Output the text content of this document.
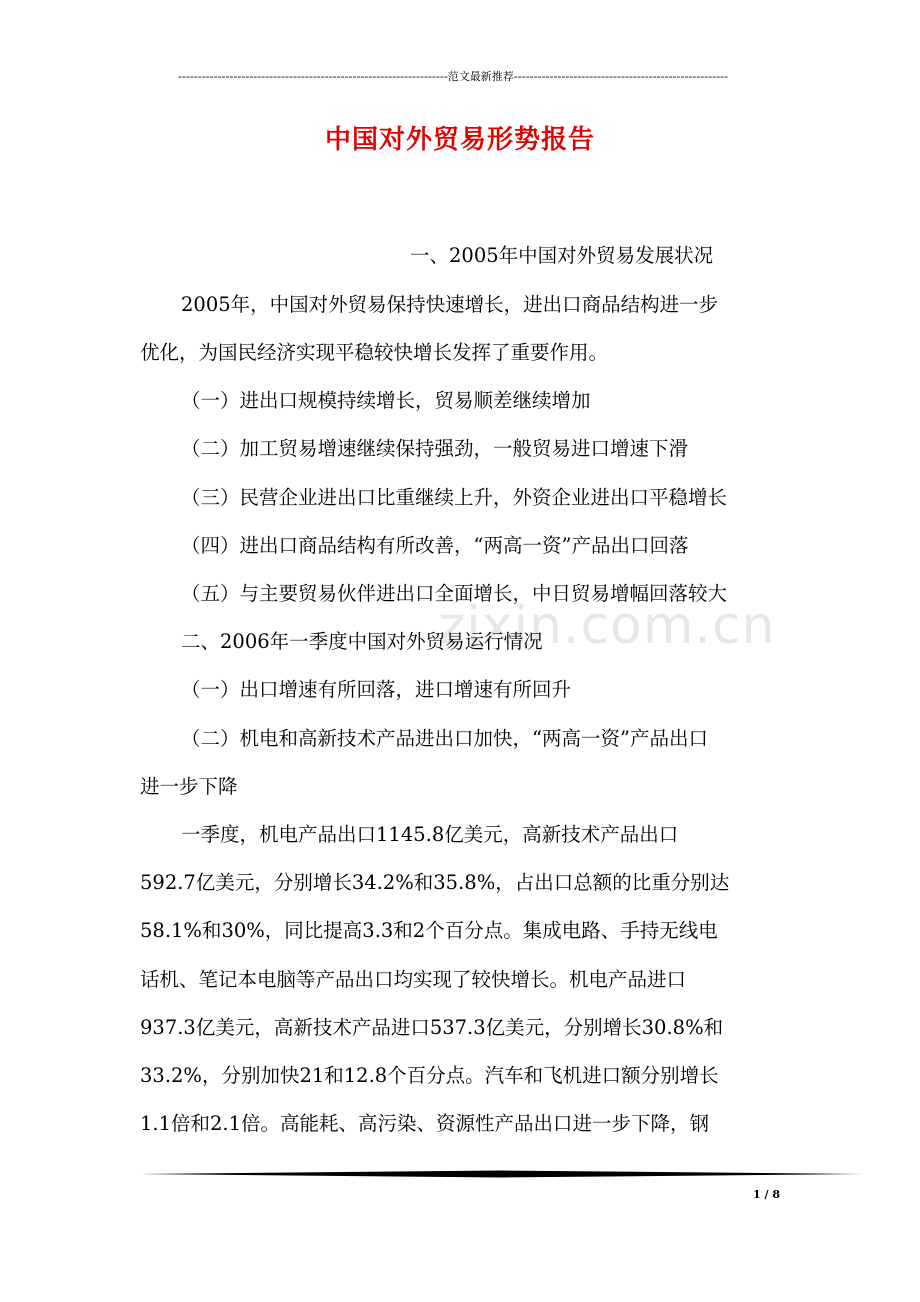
--------------------------------------------------------------------范文最新推荐------------------------------------------------------
zixin.com.cn
中国对外贸易形势报告
一、2005年中国对外贸易发展状况
2005年，中国对外贸易保持快速增长，进出口商品结构进一步
优化，为国民经济实现平稳较快增长发挥了重要作用。
（一）进出口规模持续增长，贸易顺差继续增加
（二）加工贸易增速继续保持强劲，一般贸易进口增速下滑
（三）民营企业进出口比重继续上升，外资企业进出口平稳增长
（四）进出口商品结构有所改善，“两高一资”产品出口回落
（五）与主要贸易伙伴进出口全面增长，中日贸易增幅回落较大
二、2006年一季度中国对外贸易运行情况
（一）出口增速有所回落，进口增速有所回升
（二）机电和高新技术产品进出口加快，“两高一资”产品出口
进一步下降
一季度，机电产品出口1145.8亿美元，高新技术产品出口
592.7亿美元，分别增长34.2%和35.8%，占出口总额的比重分别达
58.1%和30%，同比提高3.3和2个百分点。集成电路、手持无线电
话机、笔记本电脑等产品出口均实现了较快增长。机电产品进口
937.3亿美元，高新技术产品进口537.3亿美元，分别增长30.8%和
33.2%，分别加快21和12.8个百分点。汽车和飞机进口额分别增长
1.1倍和2.1倍。高能耗、高污染、资源性产品出口进一步下降，钢
1 / 8
